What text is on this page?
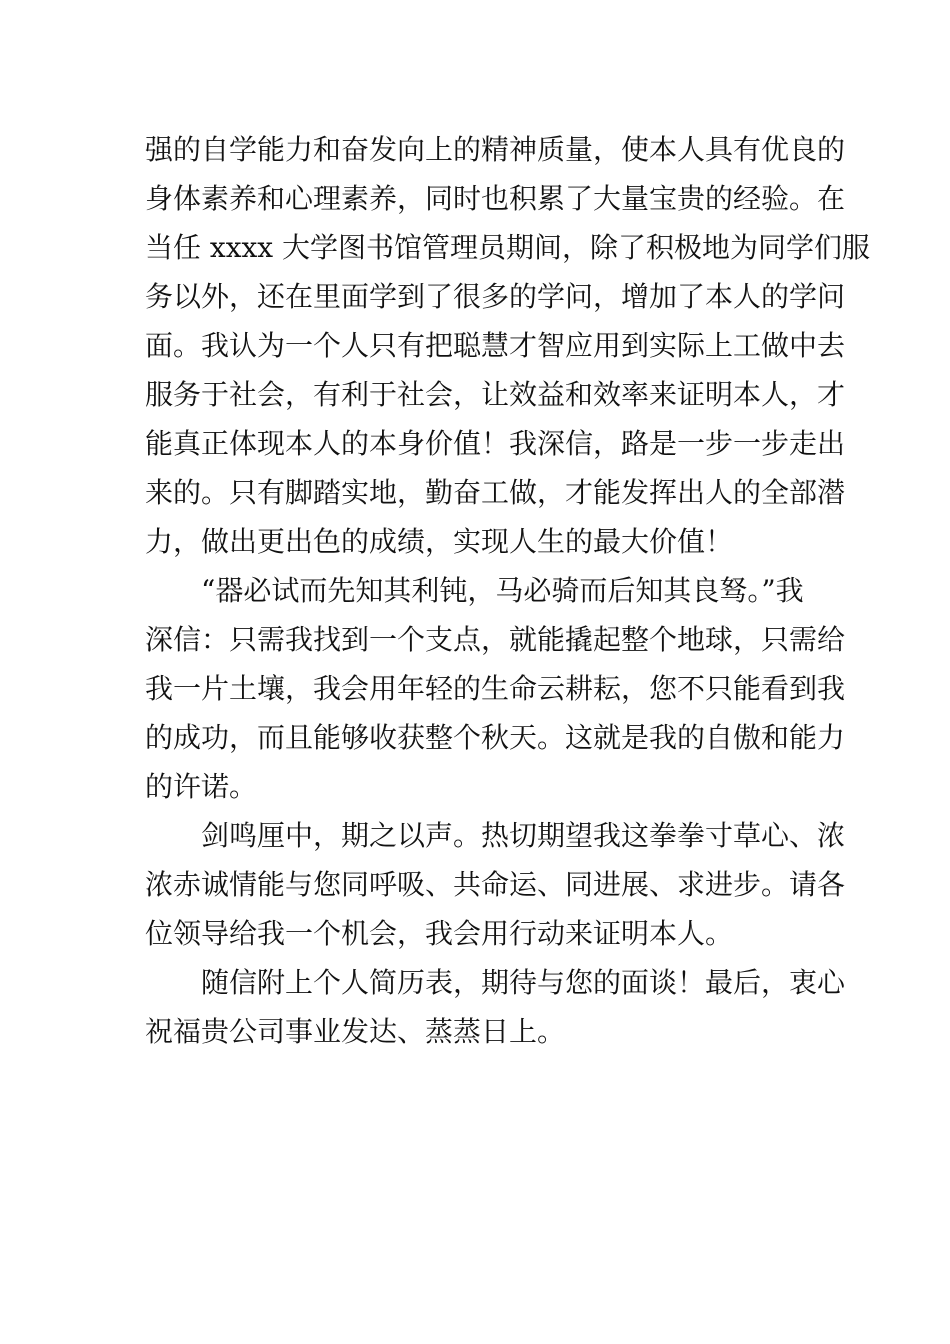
强的自学能力和奋发向上的精神质量，使本人具有优良的
身体素养和心理素养，同时也积累了大量宝贵的经验。在
当任 xxxx 大学图书馆管理员期间，除了积极地为同学们服
务以外，还在里面学到了很多的学问，增加了本人的学问
面。我认为一个人只有把聪慧才智应用到实际上工做中去
服务于社会，有利于社会，让效益和效率来证明本人，才
能真正体现本人的本身价值！我深信，路是一步一步走出
来的。只有脚踏实地，勤奋工做，才能发挥出人的全部潜
力，做出更出色的成绩，实现人生的最大价值！

“器必试而先知其利钝，马必骑而后知其良驽。”我
深信：只需我找到一个支点，就能撬起整个地球，只需给
我一片土壤，我会用年轻的生命云耕耘，您不只能看到我
的成功，而且能够收获整个秋天。这就是我的自傲和能力
的许诺。

剑鸣厘中，期之以声。热切期望我这拳拳寸草心、浓
浓赤诚情能与您同呼吸、共命运、同进展、求进步。请各
位领导给我一个机会，我会用行动来证明本人。

随信附上个人简历表，期待与您的面谈！最后，衷心
祝福贵公司事业发达、蒸蒸日上。
